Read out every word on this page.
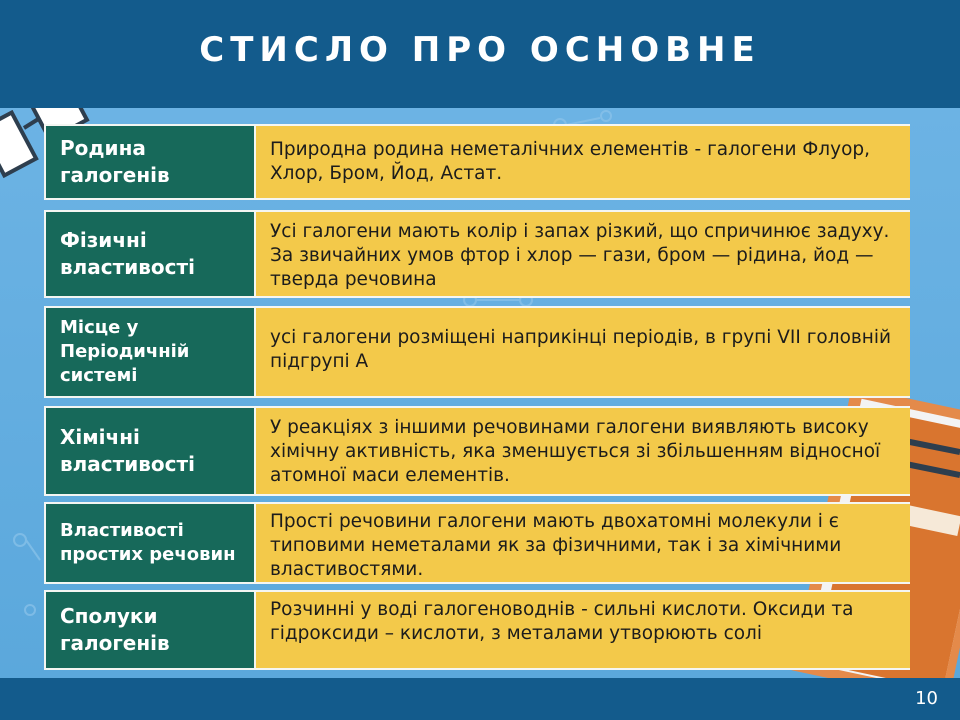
СТИСЛО ПРО ОСНОВНЕ
Родина галогенів
Природна родина неметалічних елементів - галогени Флуор, Хлор, Бром, Йод, Астат.
Фізичні властивості
Усі галогени мають колір і запах різкий, що спричинює задуху. За звичайних умов фтор і хлор — гази, бром — рідина, йод — тверда речовина
Місце у Періодичній системі
усі галогени розміщені наприкінці періодів, в групі VII головній підгрупі А
Хімічні властивості
У реакціях з іншими речовинами галогени виявляють високу хімічну активність, яка зменшується зі збільшенням відносної атомної маси елементів.
Властивості простих речовин
Прості речовини галогени мають двохатомні молекули і є типовими неметалами як за фізичними, так і за хімічними властивостями.
Сполуки галогенів
Розчинні у воді галогеноводнів - сильні кислоти. Оксиди та гідроксиди – кислоти, з металами утворюють солі
10
